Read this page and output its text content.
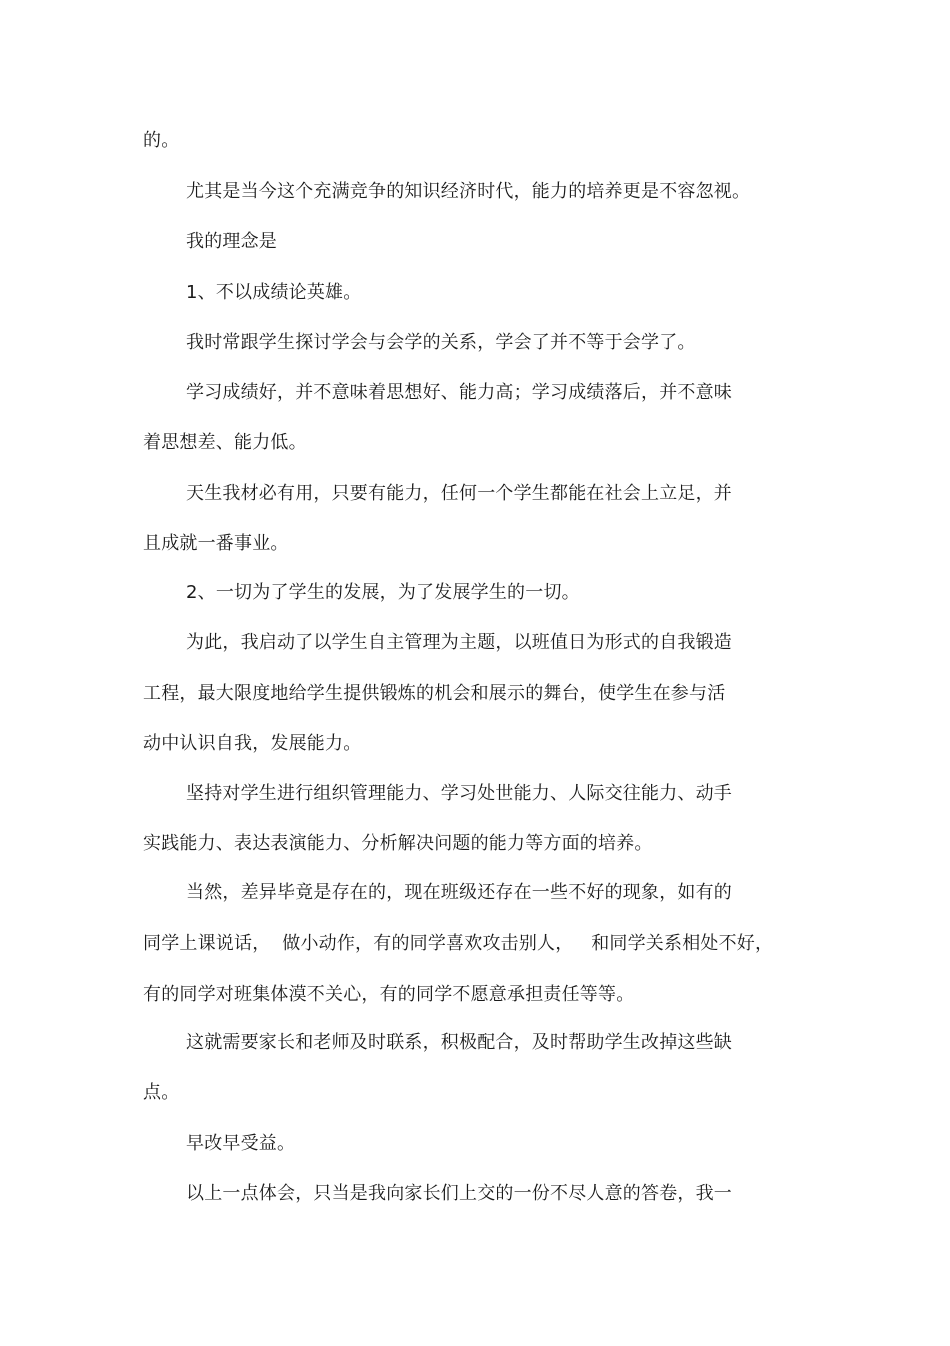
的。
尤其是当今这个充满竞争的知识经济时代，能力的培养更是不容忽视。
我的理念是
1、不以成绩论英雄。
我时常跟学生探讨学会与会学的关系，学会了并不等于会学了。
学习成绩好，并不意味着思想好、能力高；学习成绩落后，并不意味
着思想差、能力低。
天生我材必有用，只要有能力，任何一个学生都能在社会上立足，并
且成就一番事业。
2、一切为了学生的发展，为了发展学生的一切。
为此，我启动了以学生自主管理为主题，以班值日为形式的自我锻造
工程，最大限度地给学生提供锻炼的机会和展示的舞台，使学生在参与活
动中认识自我，发展能力。
坚持对学生进行组织管理能力、学习处世能力、人际交往能力、动手
实践能力、表达表演能力、分析解决问题的能力等方面的培养。
当然，差异毕竟是存在的，现在班级还存在一些不好的现象，如有的
同学上课说话，  做小动作，有的同学喜欢攻击别人，   和同学关系相处不好，
有的同学对班集体漠不关心，有的同学不愿意承担责任等等。
这就需要家长和老师及时联系，积极配合，及时帮助学生改掉这些缺
点。
早改早受益。
以上一点体会，只当是我向家长们上交的一份不尽人意的答卷，我一
